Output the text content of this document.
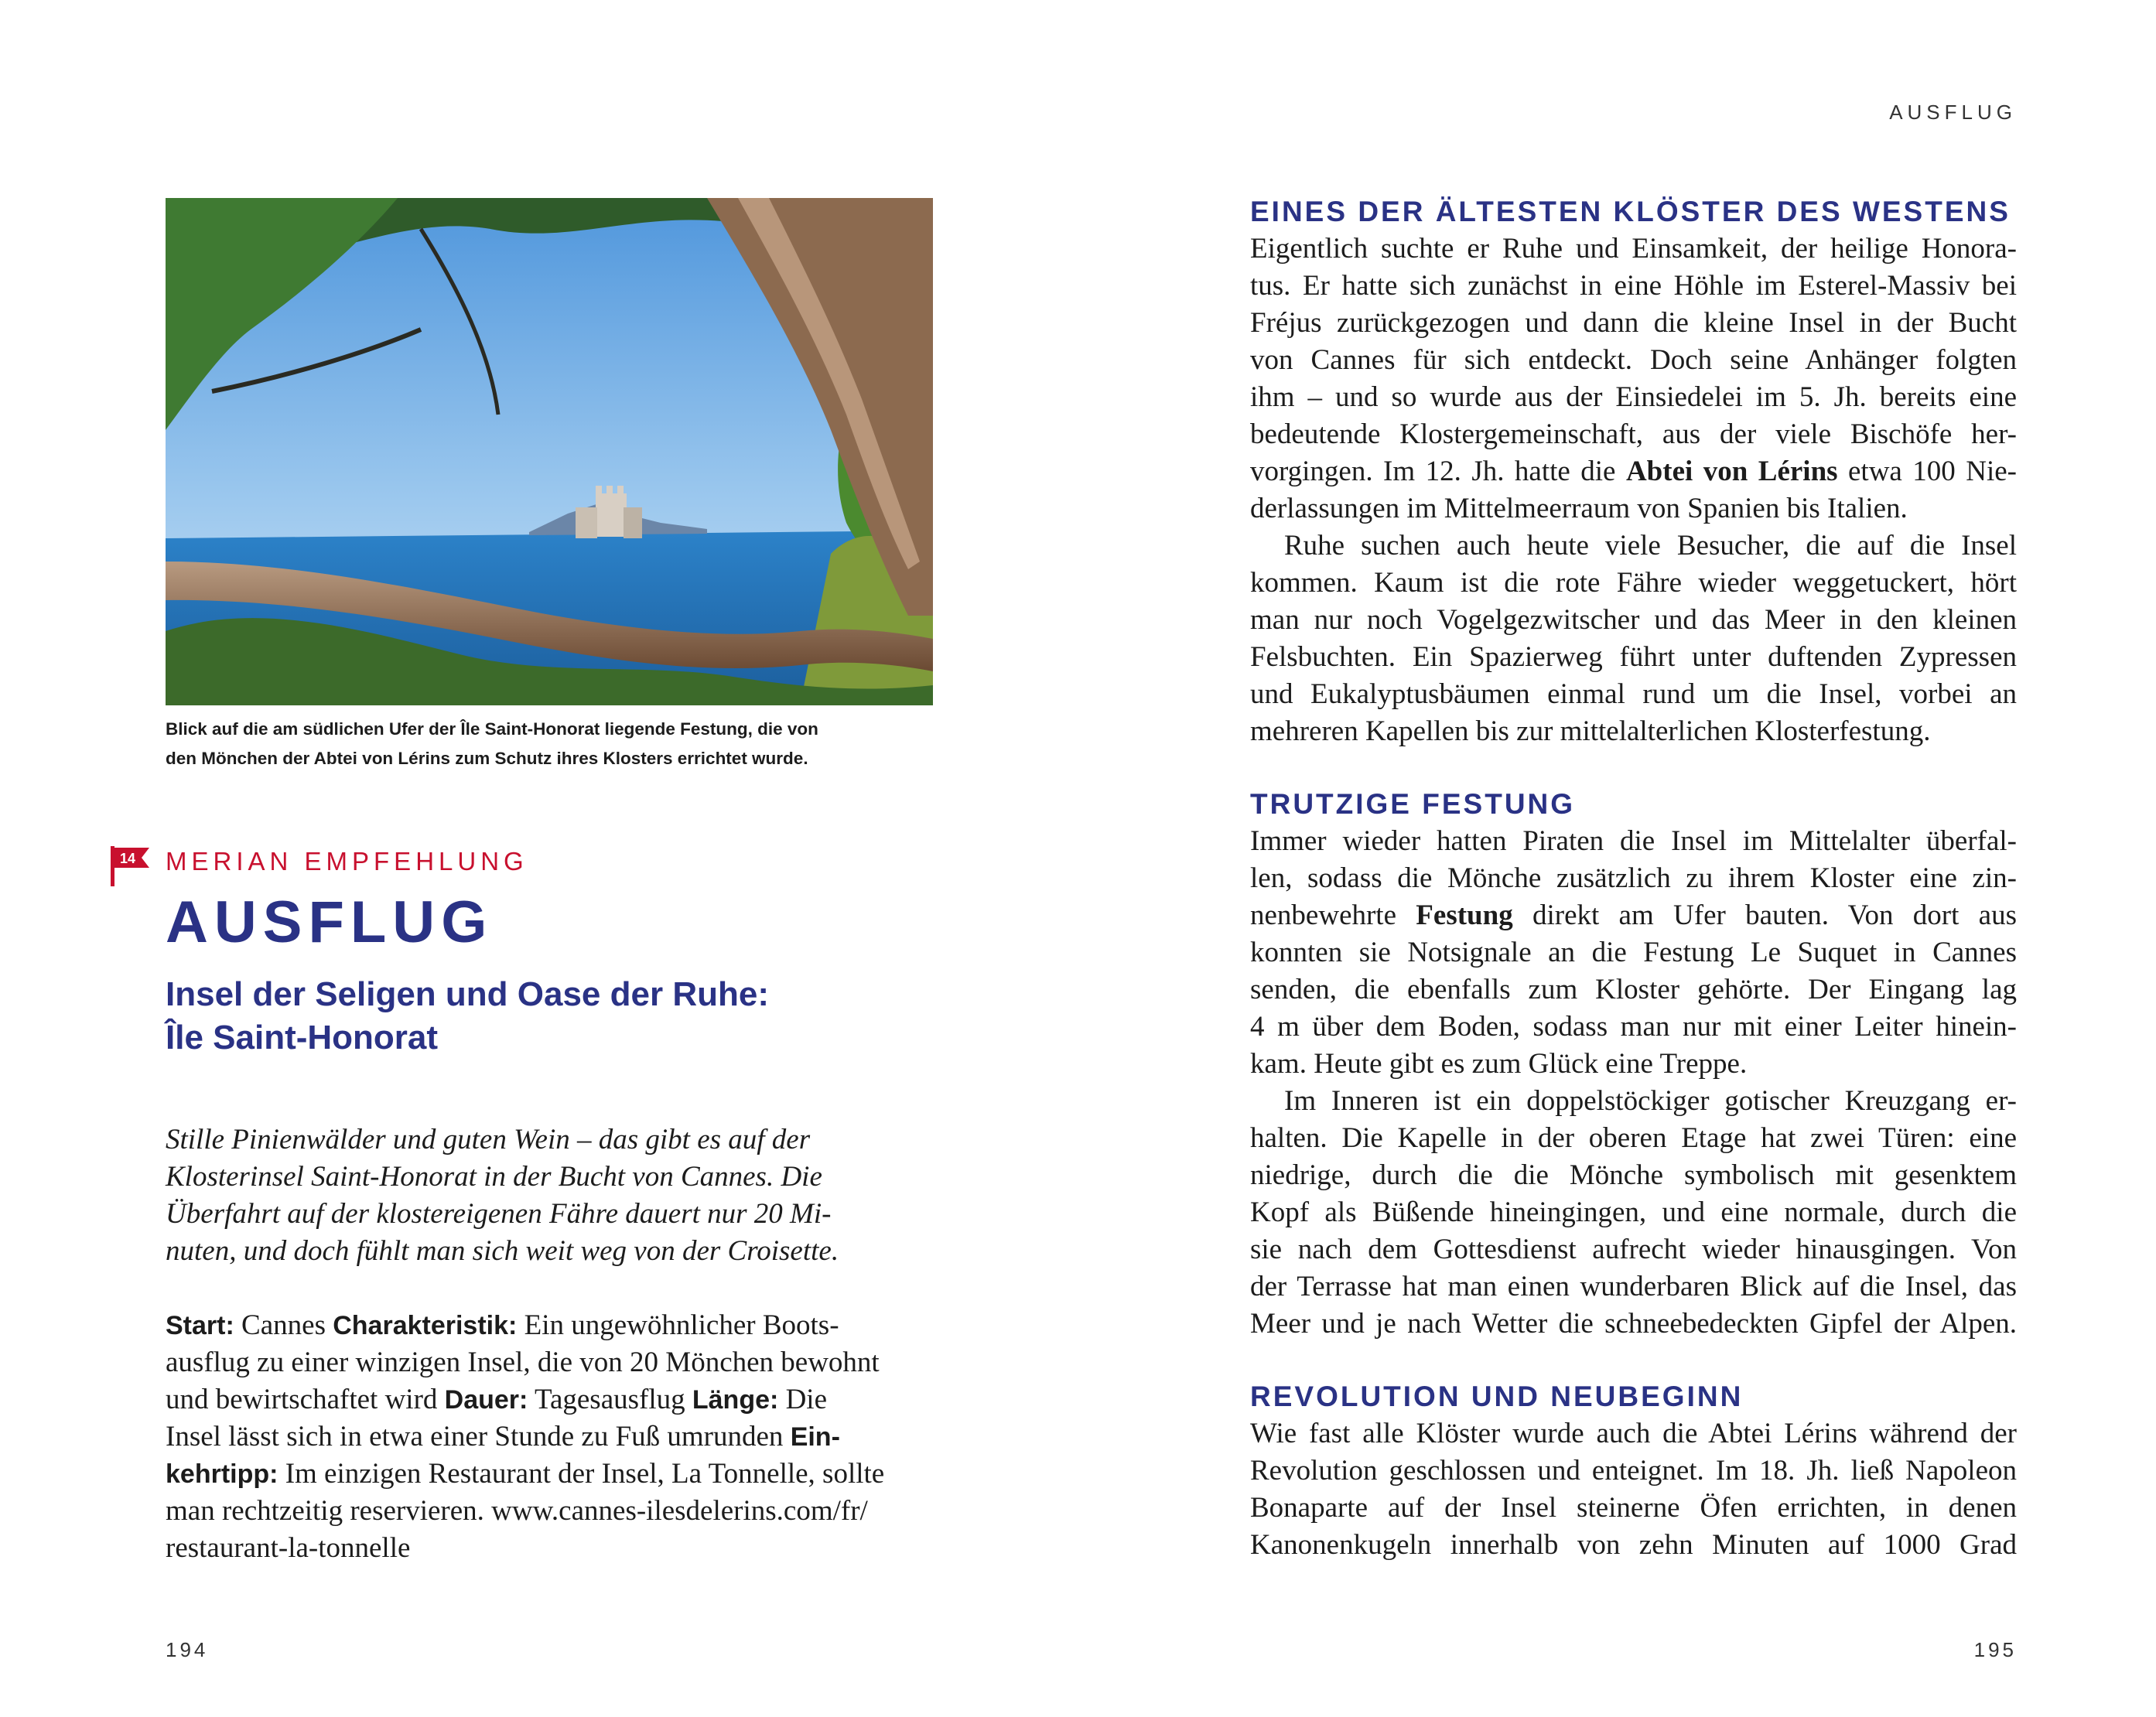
Blick auf die am südlichen Ufer der Île Saint-Honorat liegende Festung, die von
den Mönchen der Abtei von Lérins zum Schutz ihres Klosters errichtet wurde.
14 MERIAN EMPFEHLUNG
AUSFLUG
Insel der Seligen und Oase der Ruhe:
Île Saint-Honorat
Stille Pinienwälder und guten Wein – das gibt es auf der
Klosterinsel Saint-Honorat in der Bucht von Cannes. Die
Überfahrt auf der klostereigenen Fähre dauert nur 20 Mi-
nuten, und doch fühlt man sich weit weg von der Croisette.
Start: Cannes Charakteristik: Ein ungewöhnlicher Boots-
ausflug zu einer winzigen Insel, die von 20 Mönchen bewohnt
und bewirtschaftet wird Dauer: Tagesausflug Länge: Die
Insel lässt sich in etwa einer Stunde zu Fuß umrunden Ein-
kehrtipp: Im einzigen Restaurant der Insel, La Tonnelle, sollte
man rechtzeitig reservieren. www.cannes-ilesdelerins.com/fr/
restaurant-la-tonnelle
194
AUSFLUG
EINES DER ÄLTESTEN KLÖSTER DES WESTENS
Eigentlich suchte er Ruhe und Einsamkeit, der heilige Honora-
tus. Er hatte sich zunächst in eine Höhle im Esterel-Massiv bei
Fréjus zurückgezogen und dann die kleine Insel in der Bucht
von Cannes für sich entdeckt. Doch seine Anhänger folgten
ihm – und so wurde aus der Einsiedelei im 5. Jh. bereits eine
bedeutende Klostergemeinschaft, aus der viele Bischöfe her-
vorgingen. Im 12. Jh. hatte die Abtei von Lérins etwa 100 Nie-
derlassungen im Mittelmeerraum von Spanien bis Italien.
Ruhe suchen auch heute viele Besucher, die auf die Insel
kommen. Kaum ist die rote Fähre wieder weggetuckert, hört
man nur noch Vogelgezwitscher und das Meer in den kleinen
Felsbuchten. Ein Spazierweg führt unter duftenden Zypressen
und Eukalyptusbäumen einmal rund um die Insel, vorbei an
mehreren Kapellen bis zur mittelalterlichen Klosterfestung.
TRUTZIGE FESTUNG
Immer wieder hatten Piraten die Insel im Mittelalter überfal-
len, sodass die Mönche zusätzlich zu ihrem Kloster eine zin-
nenbewehrte Festung direkt am Ufer bauten. Von dort aus
konnten sie Notsignale an die Festung Le Suquet in Cannes
senden, die ebenfalls zum Kloster gehörte. Der Eingang lag
4 m über dem Boden, sodass man nur mit einer Leiter hinein-
kam. Heute gibt es zum Glück eine Treppe.
Im Inneren ist ein doppelstöckiger gotischer Kreuzgang er-
halten. Die Kapelle in der oberen Etage hat zwei Türen: eine
niedrige, durch die die Mönche symbolisch mit gesenktem
Kopf als Büßende hineingingen, und eine normale, durch die
sie nach dem Gottesdienst aufrecht wieder hinausgingen. Von
der Terrasse hat man einen wunderbaren Blick auf die Insel, das
Meer und je nach Wetter die schneebedeckten Gipfel der Alpen.
REVOLUTION UND NEUBEGINN
Wie fast alle Klöster wurde auch die Abtei Lérins während der
Revolution geschlossen und enteignet. Im 18. Jh. ließ Napoleon
Bonaparte auf der Insel steinerne Öfen errichten, in denen
Kanonenkugeln innerhalb von zehn Minuten auf 1000 Grad
195
